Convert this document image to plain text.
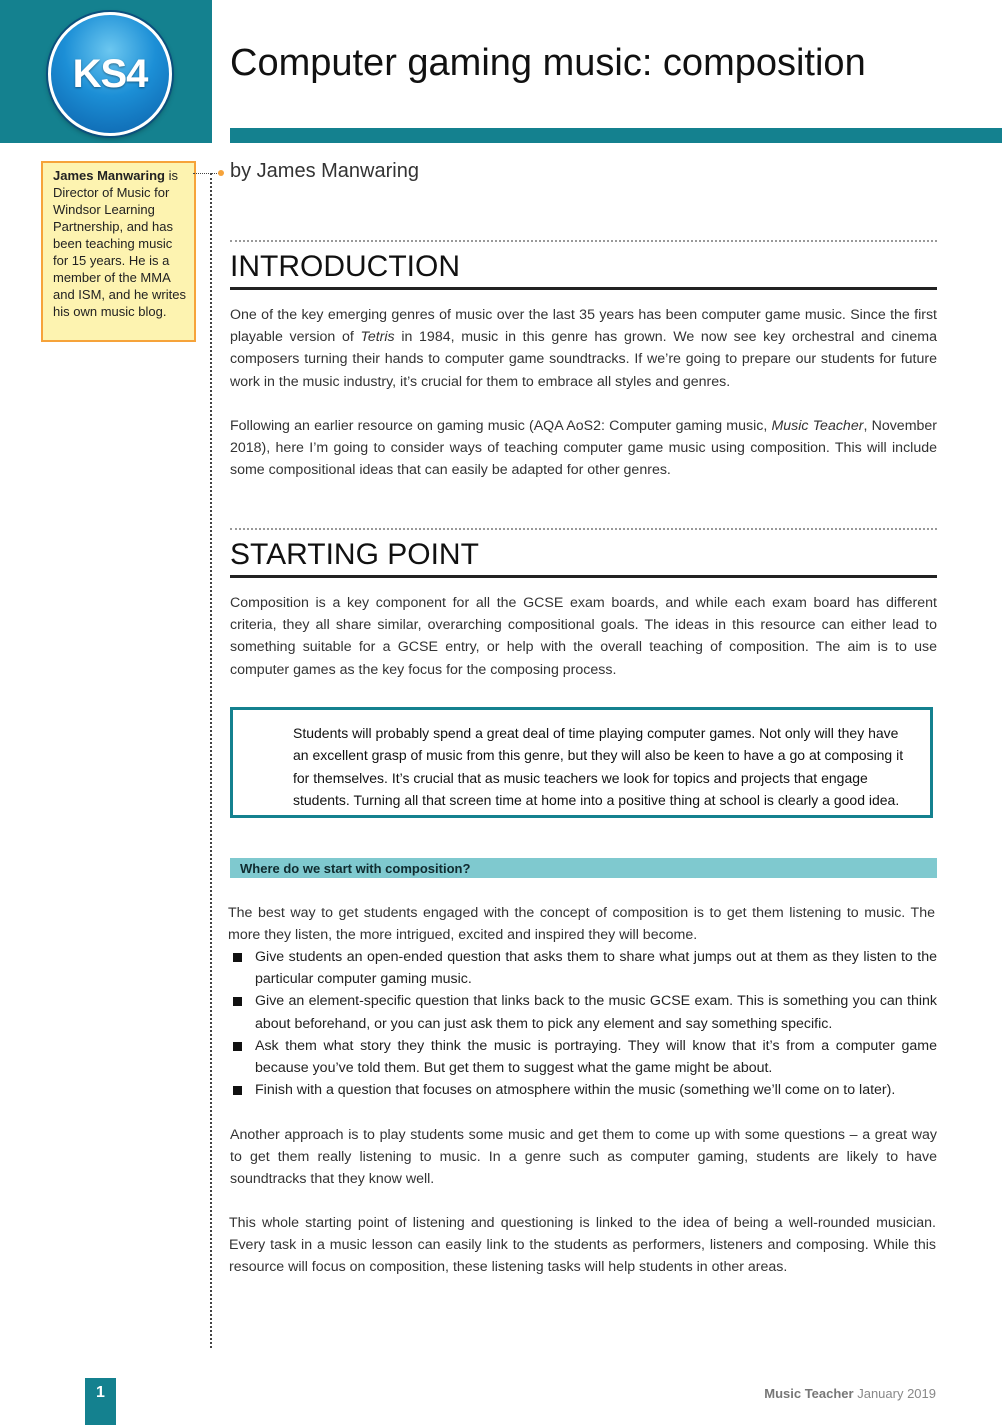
KS4 Computer gaming music: composition
James Manwaring is Director of Music for Windsor Learning Partnership, and has been teaching music for 15 years. He is a member of the MMA and ISM, and he writes his own music blog.
by James Manwaring
INTRODUCTION
One of the key emerging genres of music over the last 35 years has been computer game music. Since the first playable version of Tetris in 1984, music in this genre has grown. We now see key orchestral and cinema composers turning their hands to computer game soundtracks. If we’re going to prepare our students for future work in the music industry, it’s crucial for them to embrace all styles and genres.
Following an earlier resource on gaming music (AQA AoS2: Computer gaming music, Music Teacher, November 2018), here I’m going to consider ways of teaching computer game music using composition. This will include some compositional ideas that can easily be adapted for other genres.
STARTING POINT
Composition is a key component for all the GCSE exam boards, and while each exam board has different criteria, they all share similar, overarching compositional goals. The ideas in this resource can either lead to something suitable for a GCSE entry, or help with the overall teaching of composition. The aim is to use computer games as the key focus for the composing process.
Students will probably spend a great deal of time playing computer games. Not only will they have an excellent grasp of music from this genre, but they will also be keen to have a go at composing it for themselves. It’s crucial that as music teachers we look for topics and projects that engage students. Turning all that screen time at home into a positive thing at school is clearly a good idea.
Where do we start with composition?
The best way to get students engaged with the concept of composition is to get them listening to music. The more they listen, the more intrigued, excited and inspired they will become.
Give students an open-ended question that asks them to share what jumps out at them as they listen to the particular computer gaming music.
Give an element-specific question that links back to the music GCSE exam. This is something you can think about beforehand, or you can just ask them to pick any element and say something specific.
Ask them what story they think the music is portraying. They will know that it’s from a computer game because you’ve told them. But get them to suggest what the game might be about.
Finish with a question that focuses on atmosphere within the music (something we’ll come on to later).
Another approach is to play students some music and get them to come up with some questions – a great way to get them really listening to music. In a genre such as computer gaming, students are likely to have soundtracks that they know well.
This whole starting point of listening and questioning is linked to the idea of being a well-rounded musician. Every task in a music lesson can easily link to the students as performers, listeners and composing. While this resource will focus on composition, these listening tasks will help students in other areas.
1	Music Teacher January 2019
